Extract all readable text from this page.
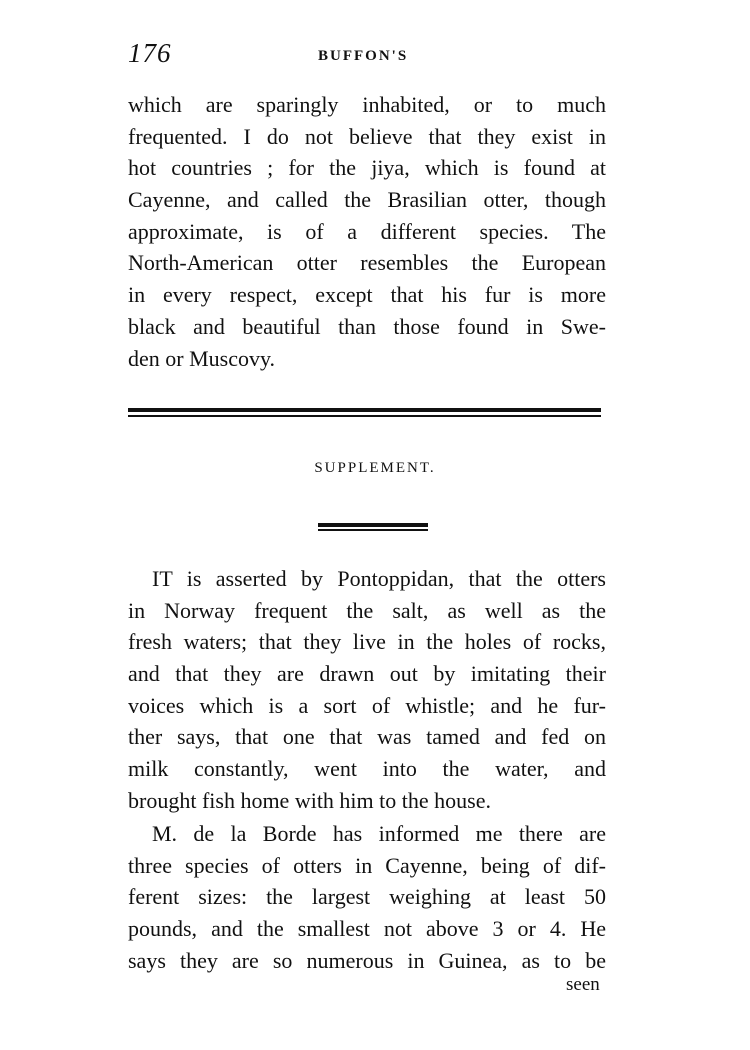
176	BUFFON'S
which are sparingly inhabited, or to much
frequented. I do not believe that they exist in
hot countries ; for the jiya, which is found at
Cayenne, and called the Brasilian otter, though
approximate, is of a different species. The
North-American otter resembles the European
in every respect, except that his fur is more
black and beautiful than those found in Swe-
den or Muscovy.
SUPPLEMENT.
IT is asserted by Pontoppidan, that the otters
in Norway frequent the salt, as well as the
fresh waters; that they live in the holes of rocks,
and that they are drawn out by imitating their
voices which is a sort of whistle; and he fur-
ther says, that one that was tamed and fed on
milk constantly, went into the water, and
brought fish home with him to the house.
M. de la Borde has informed me there are
three species of otters in Cayenne, being of dif-
ferent sizes: the largest weighing at least 50
pounds, and the smallest not above 3 or 4. He
says they are so numerous in Guinea, as to be
seen
